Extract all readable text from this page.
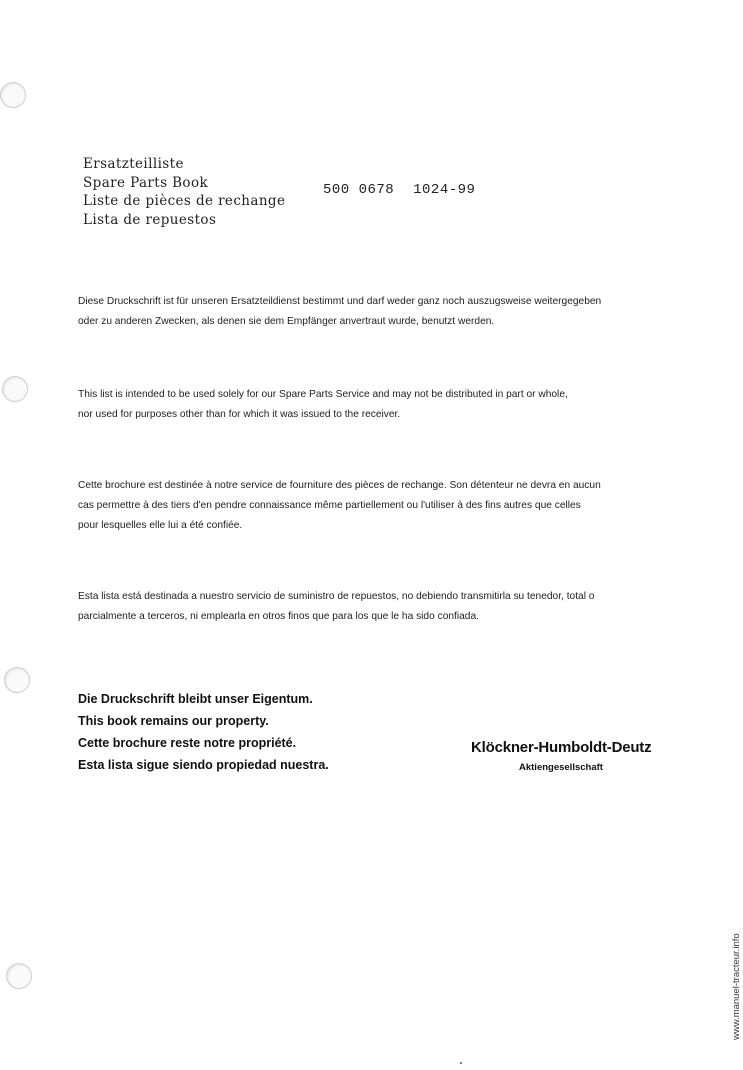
Ersatzteilliste
Spare Parts Book
Liste de pièces de rechange
Lista de repuestos
500 0678 1024-99
Diese Druckschrift ist für unseren Ersatzteildienst bestimmt und darf weder ganz noch auszugsweise weitergegeben
oder zu anderen Zwecken, als denen sie dem Empfänger anvertraut wurde, benutzt werden.
This list is intended to be used solely for our Spare Parts Service and may not be distributed in part or whole,
nor used for purposes other than for which it was issued to the receiver.
Cette brochure est destinée à notre service de fourniture des pièces de rechange. Son détenteur ne devra en aucun
cas permettre à des tiers d'en pendre connaissance même partiellement ou l'utiliser à des fins autres que celles
pour lesquelles elle lui a été confiée.
Esta lista está destinada a nuestro servicio de suministro de repuestos, no debiendo transmitirla su tenedor, total o
parcialmente a terceros, ni emplearla en otros finos que para los que le ha sido confiada.
Die Druckschrift bleibt unser Eigentum.
This book remains our property.
Cette brochure reste notre propriété.
Esta lista sigue siendo propiedad nuestra.
Klöckner-Humboldt-Deutz
Aktiengesellschaft
www.manuel-tracteur.info
